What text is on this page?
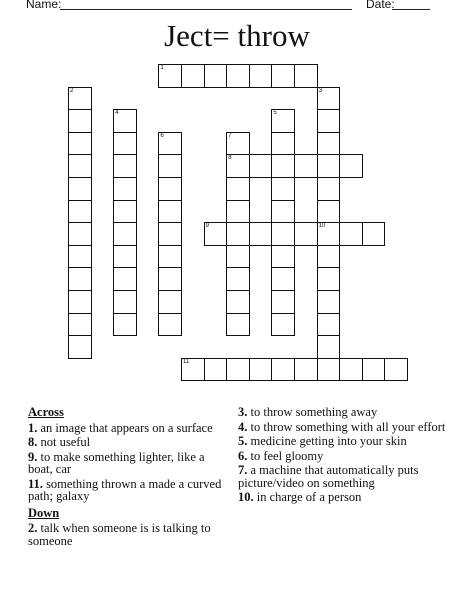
Name:	Date:
Ject= throw
1
2	3
4	5
6	7
8
9	10
11
Across
1. an image that appears on a surface
8. not useful
9. to make something lighter, like a boat, car
11. something thrown a made a curved path; galaxy
Down
2. talk when someone is is talking to someone
3. to throw something away
4. to throw something with all your effort
5. medicine getting into your skin
6. to feel gloomy
7. a machine that automatically puts picture/video on something
10. in charge of a person
